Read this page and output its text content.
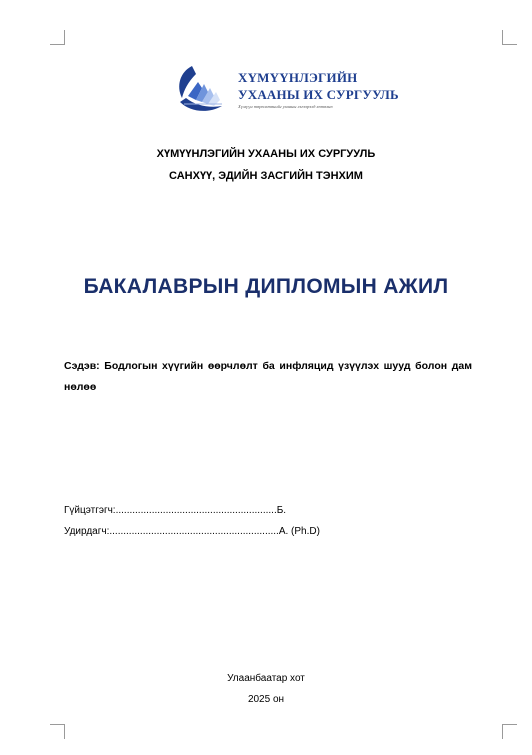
ХҮМҮҮНЛЭГИЙН
УХААНЫ ИХ СУРГУУЛЬ
Хүмүүн төрөлхтөнийг ухааны гэгээрэлд хөтөлнө
ХҮМҮҮНЛЭГИЙН УХААНЫ ИХ СУРГУУЛЬ
САНХҮҮ, ЭДИЙН ЗАСГИЙН ТЭНХИМ
БАКАЛАВРЫН ДИПЛОМЫН АЖИЛ
Сэдэв: Бодлогын хүүгийн өөрчлөлт ба инфляцид үзүүлэх шууд болон дам нөлөө
Гүйцэтгэгч:..........................................................Б.
Удирдагч:.............................................................А. (Ph.D)
Улаанбаатар хот
2025 он
